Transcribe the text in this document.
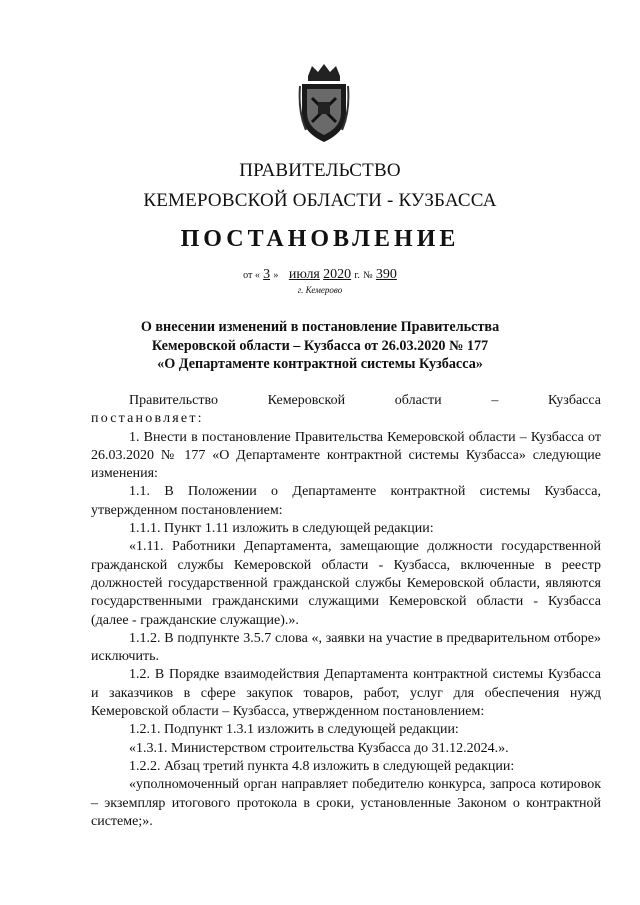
ПРАВИТЕЛЬСТВО
КЕМЕРОВСКОЙ ОБЛАСТИ - КУЗБАССА
ПОСТАНОВЛЕНИЕ
от « 3 » июля 2020 г. № 390
г. Кемерово
О внесении изменений в постановление Правительства
Кемеровской области – Кузбасса от 26.03.2020 № 177
«О Департаменте контрактной системы Кузбасса»

Правительство Кемеровской области – Кузбасса

постановляет:

1. Внести в постановление Правительства Кемеровской области – Кузбасса от 26.03.2020 № 177 «О Департаменте контрактной системы Кузбасса» следующие изменения:

1.1. В Положении о Департаменте контрактной системы Кузбасса, утвержденном постановлением:

1.1.1. Пункт 1.11 изложить в следующей редакции:

«1.11. Работники Департамента, замещающие должности государственной гражданской службы Кемеровской области - Кузбасса, включенные в реестр должностей государственной гражданской службы Кемеровской области, являются государственными гражданскими служащими Кемеровской области - Кузбасса (далее - гражданские служащие).».

1.1.2. В подпункте 3.5.7 слова «, заявки на участие в предварительном отборе» исключить.

1.2. В Порядке взаимодействия Департамента контрактной системы Кузбасса и заказчиков в сфере закупок товаров, работ, услуг для обеспечения нужд Кемеровской области – Кузбасса, утвержденном постановлением:

1.2.1. Подпункт 1.3.1 изложить в следующей редакции:

«1.3.1. Министерством строительства Кузбасса до 31.12.2024.».

1.2.2. Абзац третий пункта 4.8 изложить в следующей редакции:

«уполномоченный орган направляет победителю конкурса, запроса котировок – экземпляр итогового протокола в сроки, установленные Законом о контрактной системе;».
